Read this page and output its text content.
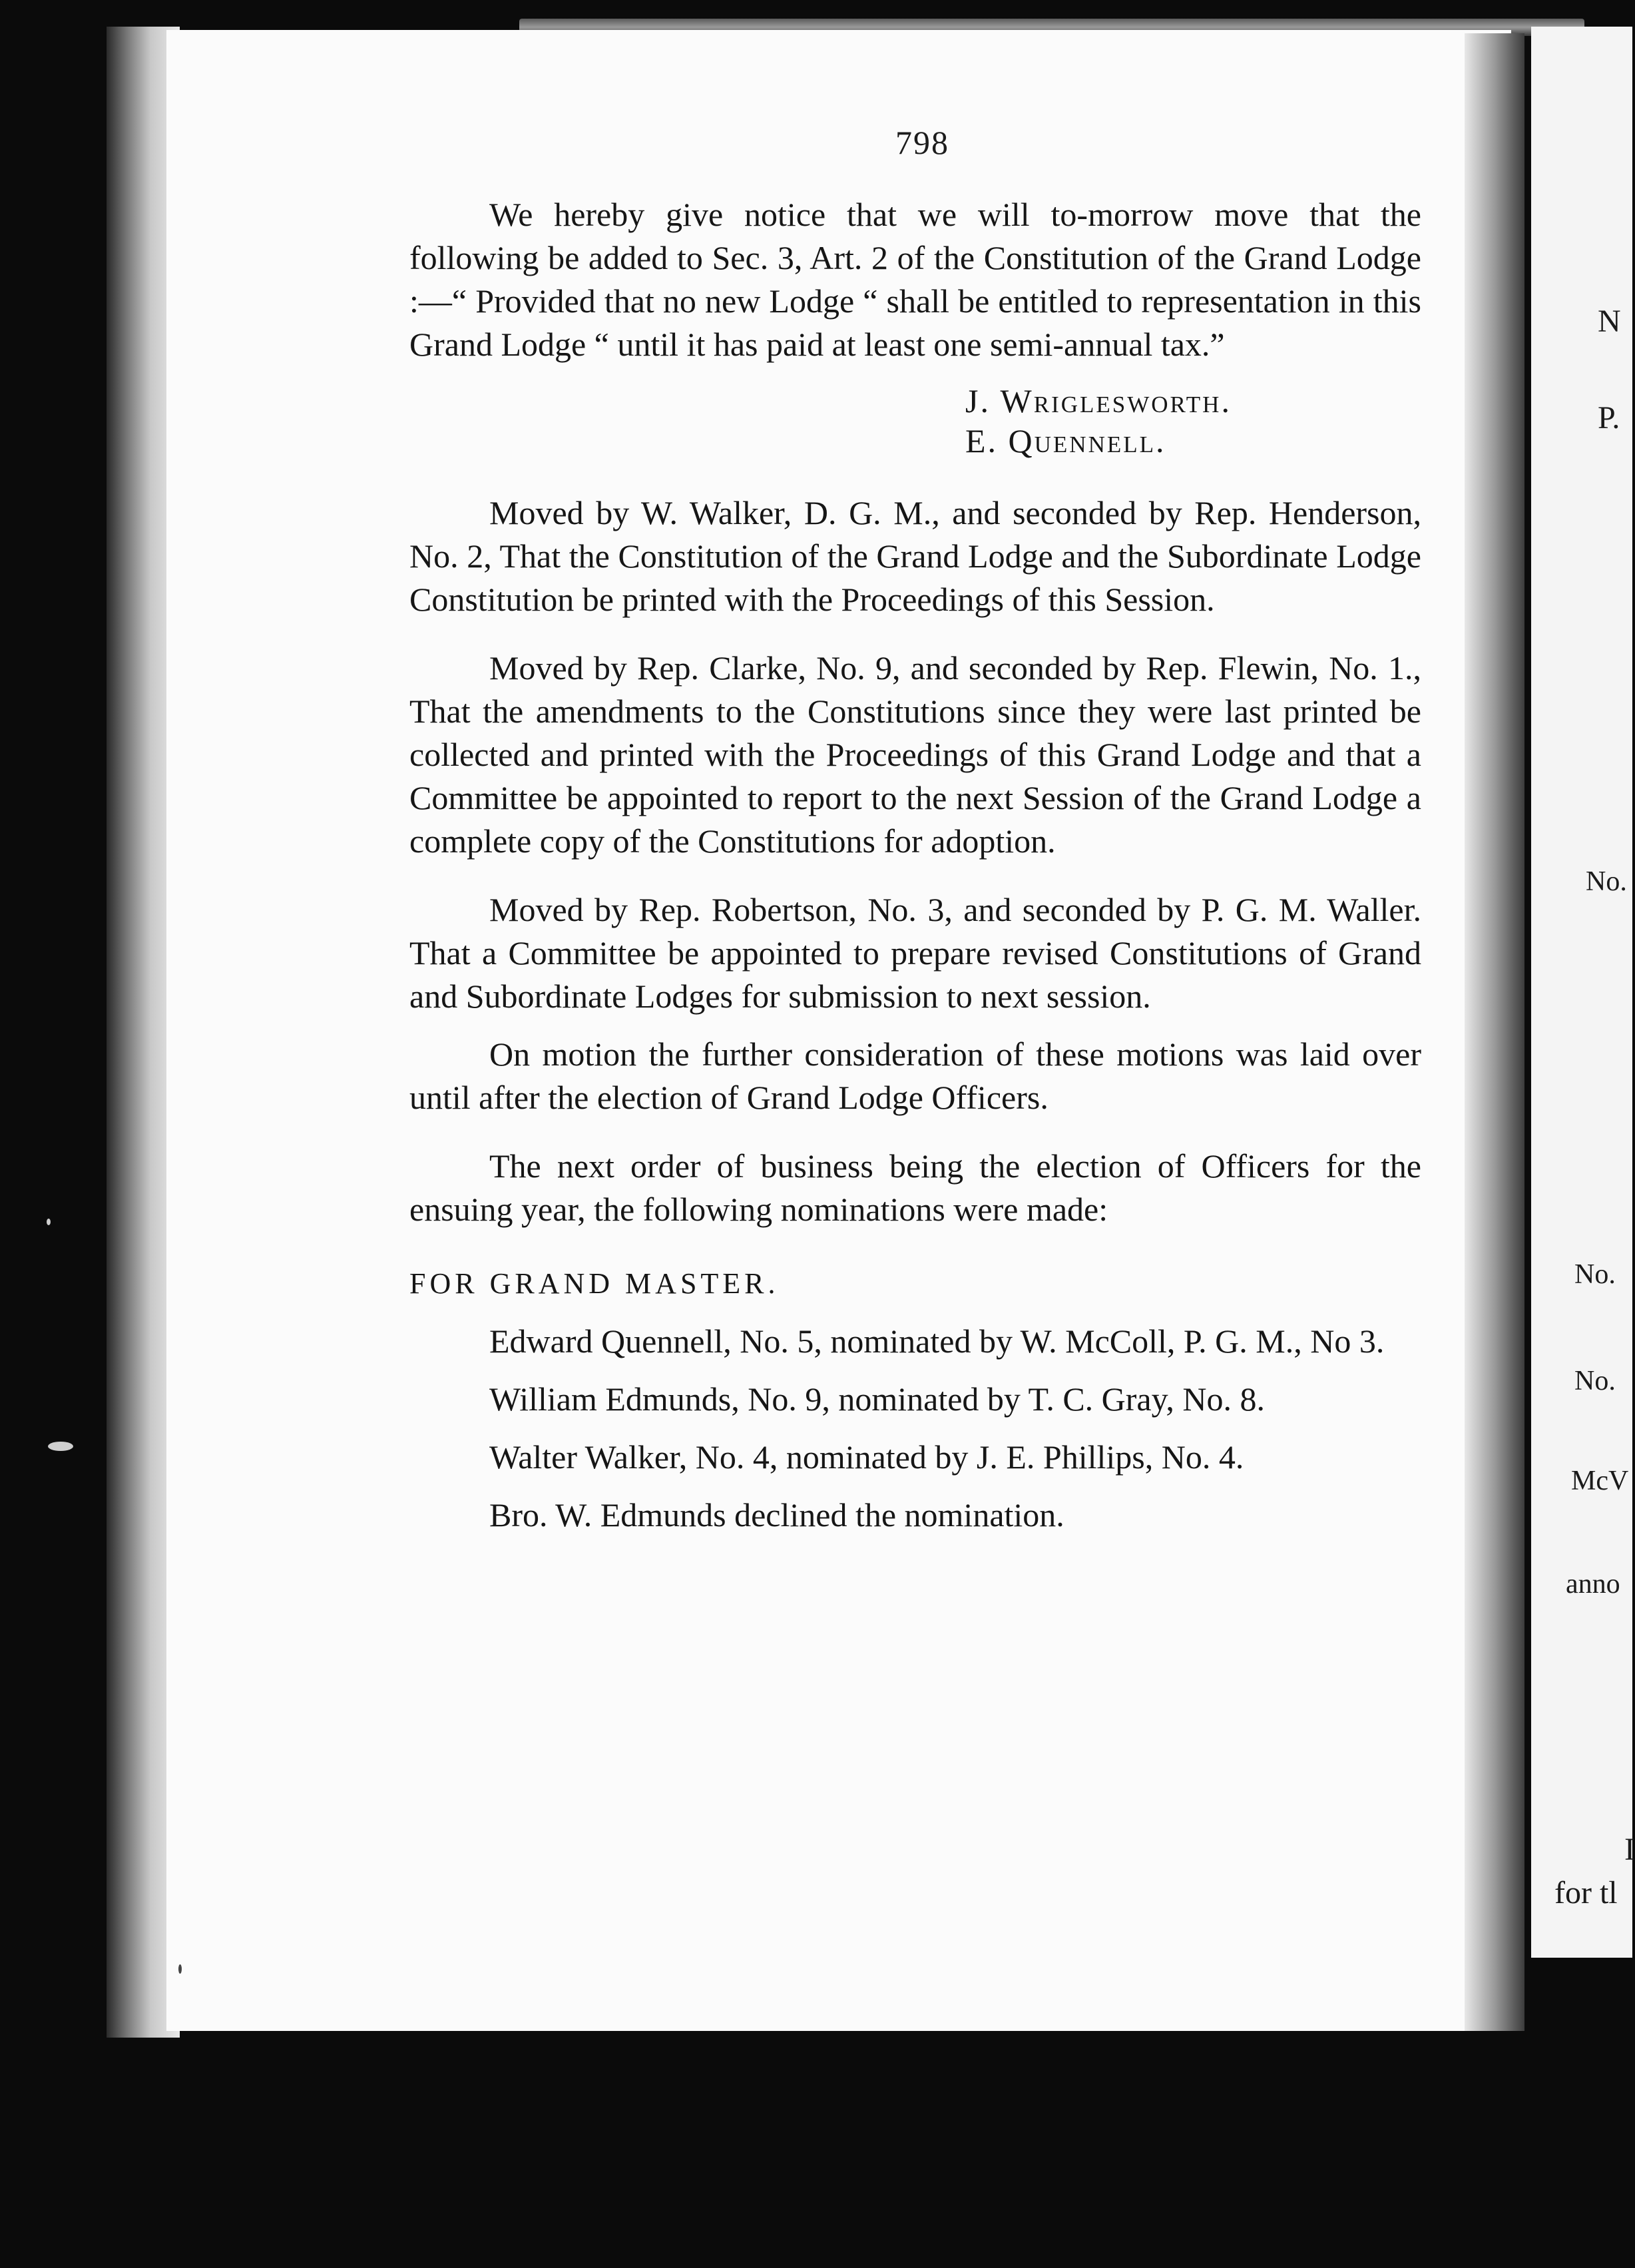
N
P.
No.
No.
No.
McV
anno
I
for tl
798

We hereby give notice that we will to-morrow move that the following be added to Sec. 3, Art. 2 of the Constitution of the Grand Lodge :—“ Provided that no new Lodge “ shall be entitled to representation in this Grand Lodge “ until it has paid at least one semi-annual tax.”

J. Wriglesworth.
E. Quennell.

Moved by W. Walker, D. G. M., and seconded by Rep. Henderson, No. 2, That the Constitution of the Grand Lodge and the Subordinate Lodge Constitution be printed with the Proceedings of this Session.

Moved by Rep. Clarke, No. 9, and seconded by Rep. Flewin, No. 1., That the amendments to the Constitutions since they were last printed be collected and printed with the Proceedings of this Grand Lodge and that a Committee be appointed to report to the next Session of the Grand Lodge a complete copy of the Constitutions for adoption.

Moved by Rep. Robertson, No. 3, and seconded by P. G. M. Waller. That a Committee be appointed to prepare revised Constitutions of Grand and Subordinate Lodges for submission to next session.

On motion the further consideration of these motions was laid over until after the election of Grand Lodge Officers.

The next order of business being the election of Officers for the ensuing year, the following nominations were made:

FOR GRAND MASTER.

Edward Quennell, No. 5, nominated by W. McColl, P. G. M., No 3.

William Edmunds, No. 9, nominated by T. C. Gray, No. 8.

Walter Walker, No. 4, nominated by J. E. Phillips, No. 4.

Bro. W. Edmunds declined the nomination.
